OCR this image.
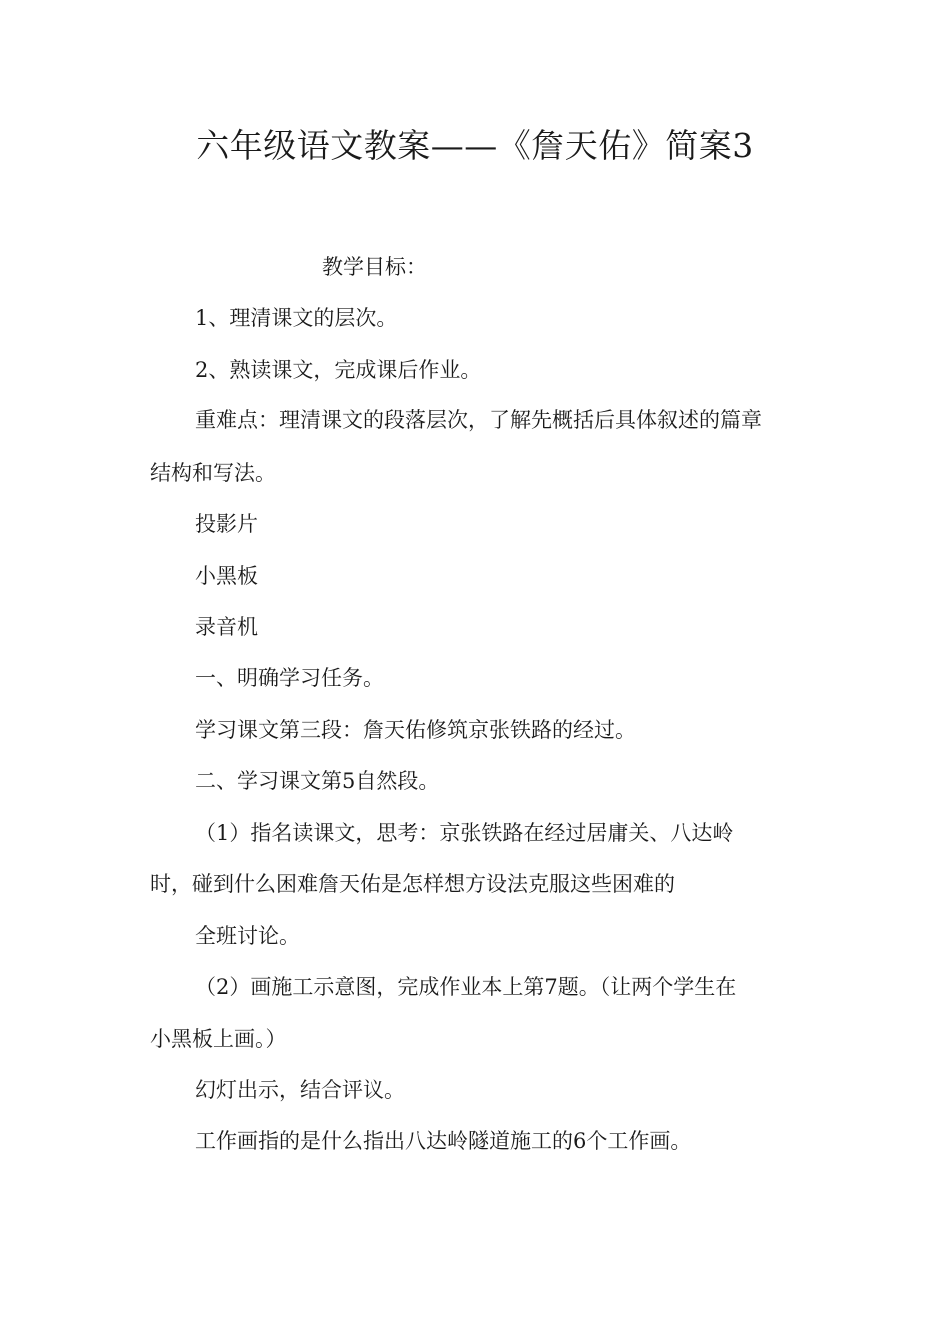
六年级语文教案——《詹天佑》简案3
教学目标：
1、理清课文的层次。
2、熟读课文，完成课后作业。
重难点：理清课文的段落层次，了解先概括后具体叙述的篇章
结构和写法。
投影片
小黑板
录音机
一、明确学习任务。
学习课文第三段：詹天佑修筑京张铁路的经过。
二、学习课文第5自然段。
（1）指名读课文，思考：京张铁路在经过居庸关、八达岭
时，碰到什么困难詹天佑是怎样想方设法克服这些困难的
全班讨论。
（2）画施工示意图，完成作业本上第7题。（让两个学生在
小黑板上画。）
幻灯出示，结合评议。
工作画指的是什么指出八达岭隧道施工的6个工作画。
